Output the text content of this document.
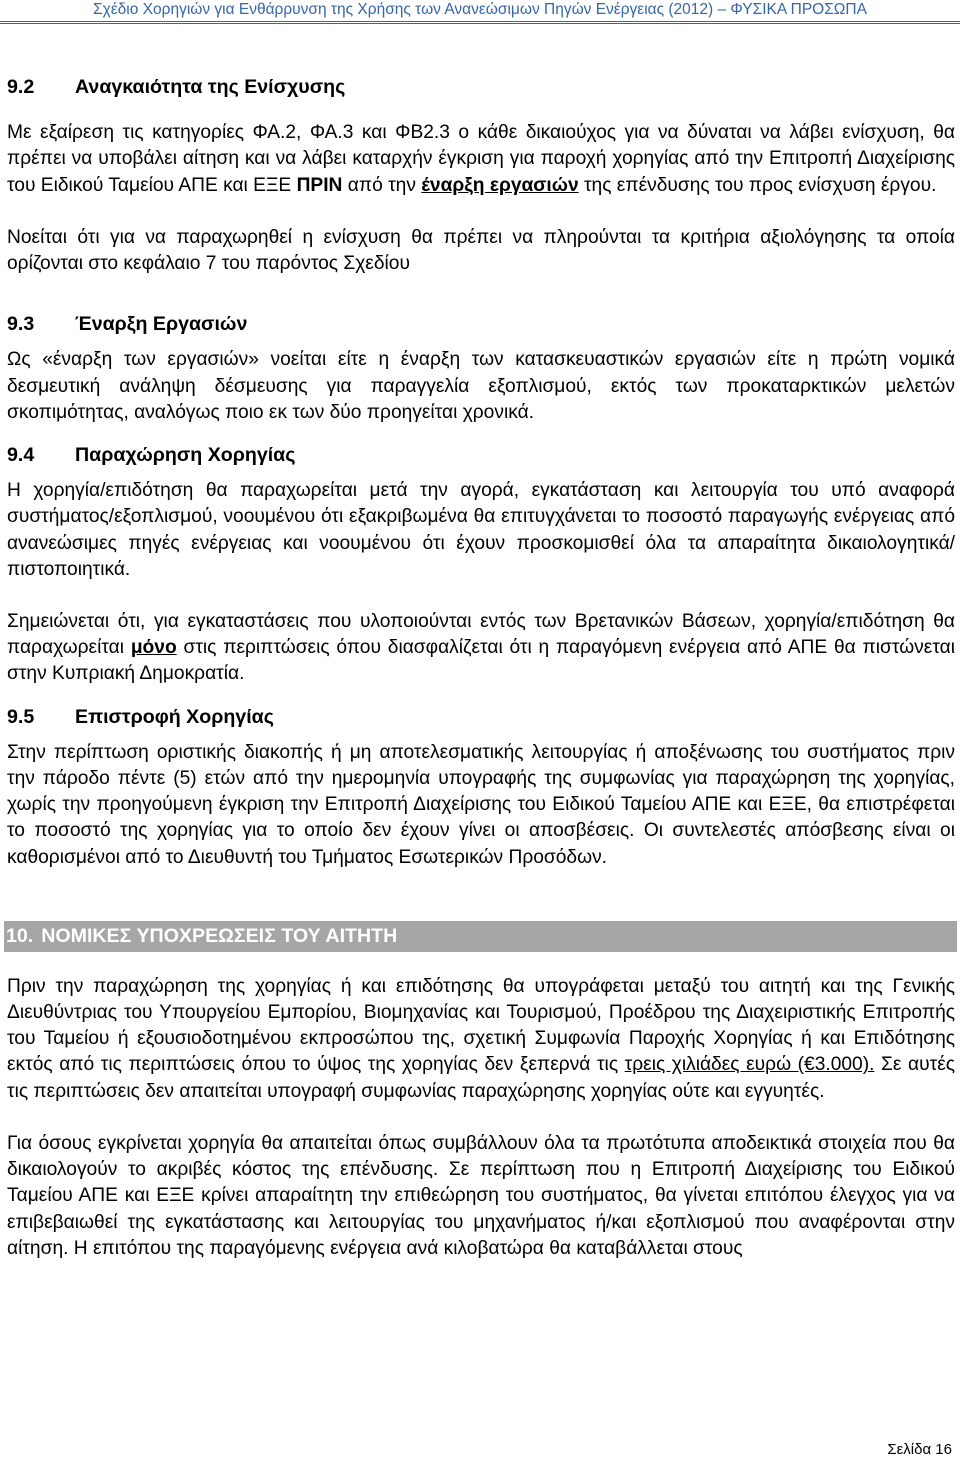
Σχέδιο Χορηγιών για Ενθάρρυνση της Χρήσης των Ανανεώσιμων Πηγών Ενέργειας (2012) – ΦΥΣΙΚΑ ΠΡΟΣΩΠΑ

9.2 Αναγκαιότητα της Ενίσχυσης

Με εξαίρεση τις κατηγορίες ΦΑ.2, ΦΑ.3 και ΦΒ2.3 ο κάθε δικαιούχος για να δύναται να λάβει ενίσχυση, θα πρέπει να υποβάλει αίτηση και να λάβει καταρχήν έγκριση για παροχή χορηγίας από την Επιτροπή Διαχείρισης του Ειδικού Ταμείου ΑΠΕ και ΕΞΕ ΠΡΙΝ από την έναρξη εργασιών της επένδυσης του προς ενίσχυση έργου.

Νοείται ότι για να παραχωρηθεί η ενίσχυση θα πρέπει να πληρούνται τα κριτήρια αξιολόγησης τα οποία ορίζονται στο κεφάλαιο 7 του παρόντος Σχεδίου

9.3 Έναρξη Εργασιών

Ως «έναρξη των εργασιών» νοείται είτε η έναρξη των κατασκευαστικών εργασιών είτε η πρώτη νομικά δεσμευτική ανάληψη δέσμευσης για παραγγελία εξοπλισμού, εκτός των προκαταρκτικών μελετών σκοπιμότητας, αναλόγως ποιο εκ των δύο προηγείται χρονικά.

9.4 Παραχώρηση Χορηγίας

Η χορηγία/επιδότηση θα παραχωρείται μετά την αγορά, εγκατάσταση και λειτουργία του υπό αναφορά συστήματος/εξοπλισμού, νοουμένου ότι εξακριβωμένα θα επιτυγχάνεται το ποσοστό παραγωγής ενέργειας από ανανεώσιμες πηγές ενέργειας και νοουμένου ότι έχουν προσκομισθεί όλα τα απαραίτητα δικαιολογητικά/πιστοποιητικά.

Σημειώνεται ότι, για εγκαταστάσεις που υλοποιούνται εντός των Βρετανικών Βάσεων, χορηγία/επιδότηση θα παραχωρείται μόνο στις περιπτώσεις όπου διασφαλίζεται ότι η παραγόμενη ενέργεια από ΑΠΕ θα πιστώνεται στην Κυπριακή Δημοκρατία.

9.5 Επιστροφή Χορηγίας

Στην περίπτωση οριστικής διακοπής ή μη αποτελεσματικής λειτουργίας ή αποξένωσης του συστήματος πριν την πάροδο πέντε (5) ετών από την ημερομηνία υπογραφής της συμφωνίας για παραχώρηση της χορηγίας, χωρίς την προηγούμενη έγκριση την Επιτροπή Διαχείρισης του Ειδικού Ταμείου ΑΠΕ και ΕΞΕ, θα επιστρέφεται το ποσοστό της χορηγίας για το οποίο δεν έχουν γίνει οι αποσβέσεις. Οι συντελεστές απόσβεσης είναι οι καθορισμένοι από το Διευθυντή του Τμήματος Εσωτερικών Προσόδων.

10. ΝΟΜΙΚΕΣ ΥΠΟΧΡΕΩΣΕΙΣ ΤΟΥ ΑΙΤΗΤΗ

Πριν την παραχώρηση της χορηγίας ή και επιδότησης θα υπογράφεται μεταξύ του αιτητή και της Γενικής Διευθύντριας του Υπουργείου Εμπορίου, Βιομηχανίας και Τουρισμού, Προέδρου της Διαχειριστικής Επιτροπής του Ταμείου ή εξουσιοδοτημένου εκπροσώπου της, σχετική Συμφωνία Παροχής Χορηγίας ή και Επιδότησης εκτός από τις περιπτώσεις όπου το ύψος της χορηγίας δεν ξεπερνά τις τρεις χιλιάδες ευρώ (€3.000). Σε αυτές τις περιπτώσεις δεν απαιτείται υπογραφή συμφωνίας παραχώρησης χορηγίας ούτε και εγγυητές.

Για όσους εγκρίνεται χορηγία θα απαιτείται όπως συμβάλλουν όλα τα πρωτότυπα αποδεικτικά στοιχεία που θα δικαιολογούν το ακριβές κόστος της επένδυσης. Σε περίπτωση που η Επιτροπή Διαχείρισης του Ειδικού Ταμείου ΑΠΕ και ΕΞΕ κρίνει απαραίτητη την επιθεώρηση του συστήματος, θα γίνεται επιτόπου έλεγχος για να επιβεβαιωθεί της εγκατάστασης και λειτουργίας του μηχανήματος ή/και εξοπλισμού που αναφέρονται στην αίτηση. Η επιτόπου της παραγόμενης ενέργεια ανά κιλοβατώρα θα καταβάλλεται στους

Σελίδα 16
